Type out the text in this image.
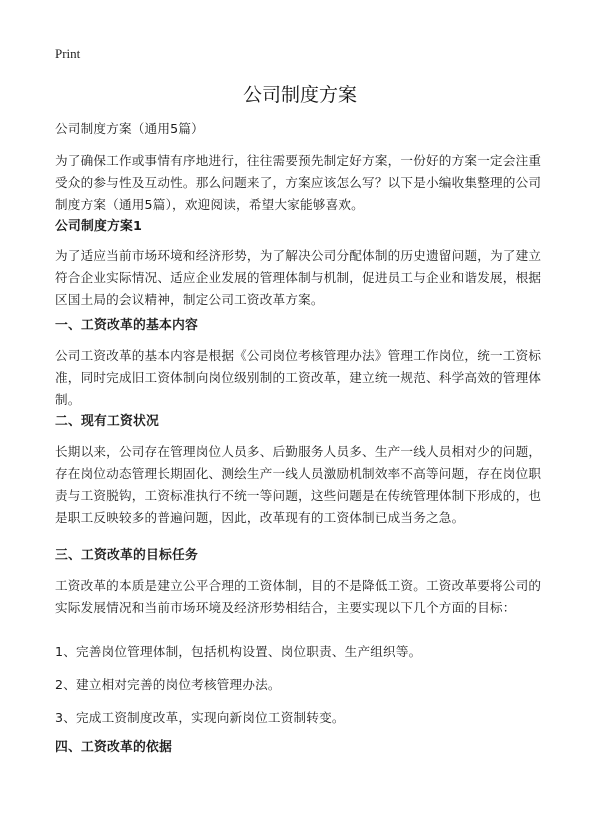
Print
公司制度方案

公司制度方案（通用5篇）

为了确保工作或事情有序地进行，往往需要预先制定好方案，一份好的方案一定会注重受众的参与性及互动性。那么问题来了，方案应该怎么写？以下是小编收集整理的公司制度方案（通用5篇），欢迎阅读，希望大家能够喜欢。

公司制度方案1

为了适应当前市场环境和经济形势，为了解决公司分配体制的历史遗留问题，为了建立符合企业实际情况、适应企业发展的管理体制与机制，促进员工与企业和谐发展，根据区国土局的会议精神，制定公司工资改革方案。

一、工资改革的基本内容

公司工资改革的基本内容是根据《公司岗位考核管理办法》管理工作岗位，统一工资标准，同时完成旧工资体制向岗位级别制的工资改革，建立统一规范、科学高效的管理体制。

二、现有工资状况

长期以来，公司存在管理岗位人员多、后勤服务人员多、生产一线人员相对少的问题，存在岗位动态管理长期固化、测绘生产一线人员激励机制效率不高等问题，存在岗位职责与工资脱钩，工资标准执行不统一等问题，这些问题是在传统管理体制下形成的，也是职工反映较多的普遍问题，因此，改革现有的工资体制已成当务之急。

三、工资改革的目标任务

工资改革的本质是建立公平合理的工资体制，目的不是降低工资。工资改革要将公司的实际发展情况和当前市场环境及经济形势相结合，主要实现以下几个方面的目标：

1、完善岗位管理体制，包括机构设置、岗位职责、生产组织等。

2、建立相对完善的岗位考核管理办法。

3、完成工资制度改革，实现向新岗位工资制转变。

四、工资改革的依据
